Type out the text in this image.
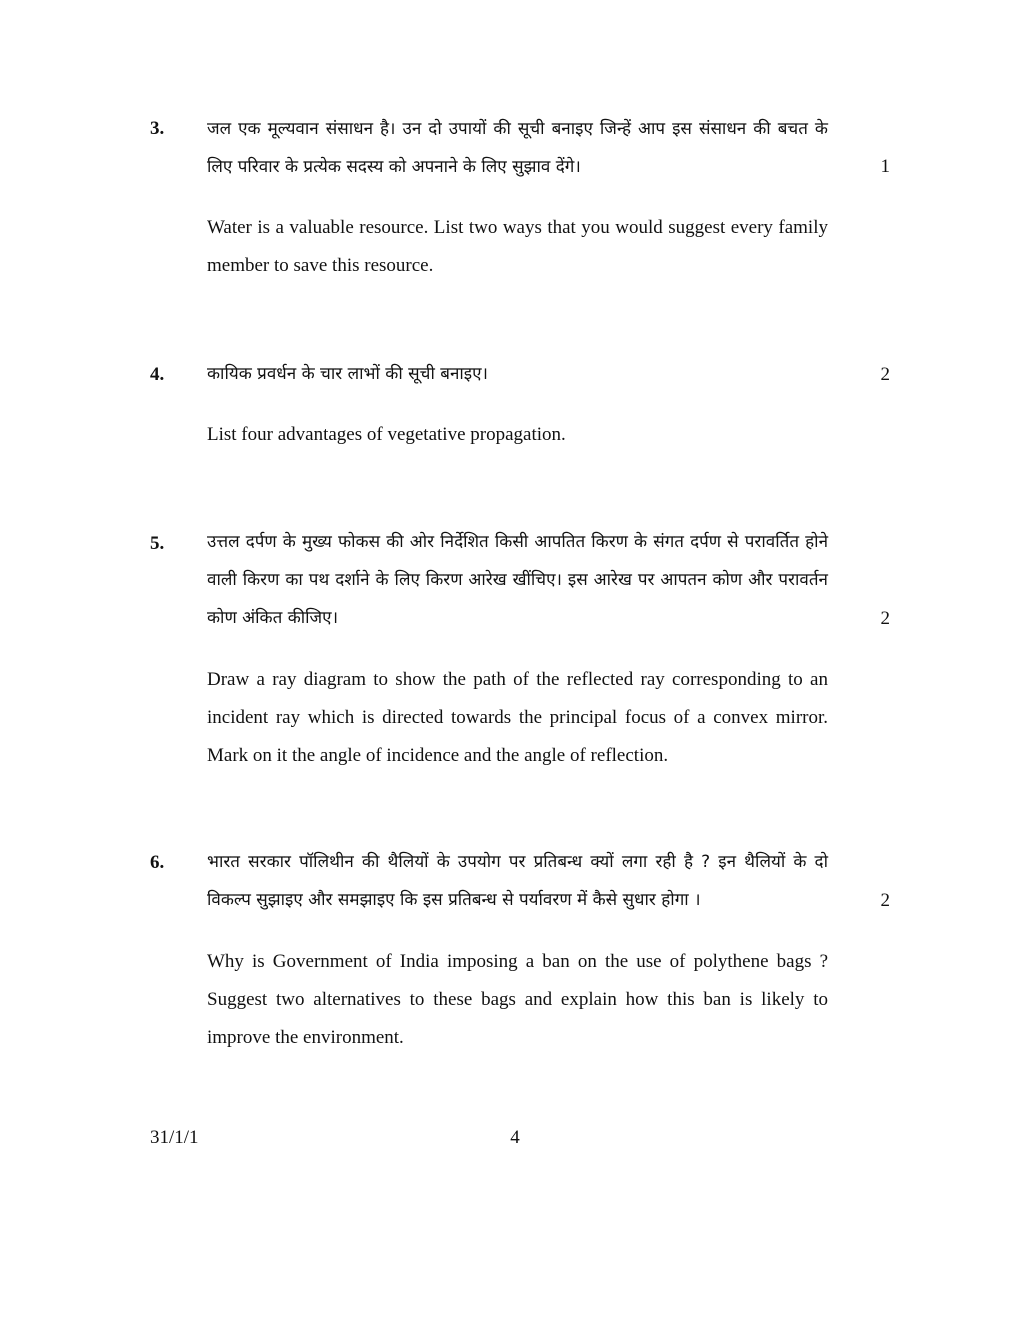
3.	जल एक मूल्यवान संसाधन है। उन दो उपायों की सूची बनाइए जिन्हें आप इस संसाधन की बचत के लिए परिवार के प्रत्येक सदस्य को अपनाने के लिए सुझाव देंगे।	1
Water is a valuable resource. List two ways that you would suggest every family member to save this resource.
4.	कायिक प्रवर्धन के चार लाभों की सूची बनाइए।	2
List four advantages of vegetative propagation.
5.	उत्तल दर्पण के मुख्य फोकस की ओर निर्देशित किसी आपतित किरण के संगत दर्पण से परावर्तित होने वाली किरण का पथ दर्शाने के लिए किरण आरेख खींचिए। इस आरेख पर आपतन कोण और परावर्तन कोण अंकित कीजिए।	2
Draw a ray diagram to show the path of the reflected ray corresponding to an incident ray which is directed towards the principal focus of a convex mirror. Mark on it the angle of incidence and the angle of reflection.
6.	भारत सरकार पॉलिथीन की थैलियों के उपयोग पर प्रतिबन्ध क्यों लगा रही है ? इन थैलियों के दो विकल्प सुझाइए और समझाइए कि इस प्रतिबन्ध से पर्यावरण में कैसे सुधार होगा ।	2
Why is Government of India imposing a ban on the use of polythene bags ? Suggest two alternatives to these bags and explain how this ban is likely to improve the environment.
31/1/1	4
